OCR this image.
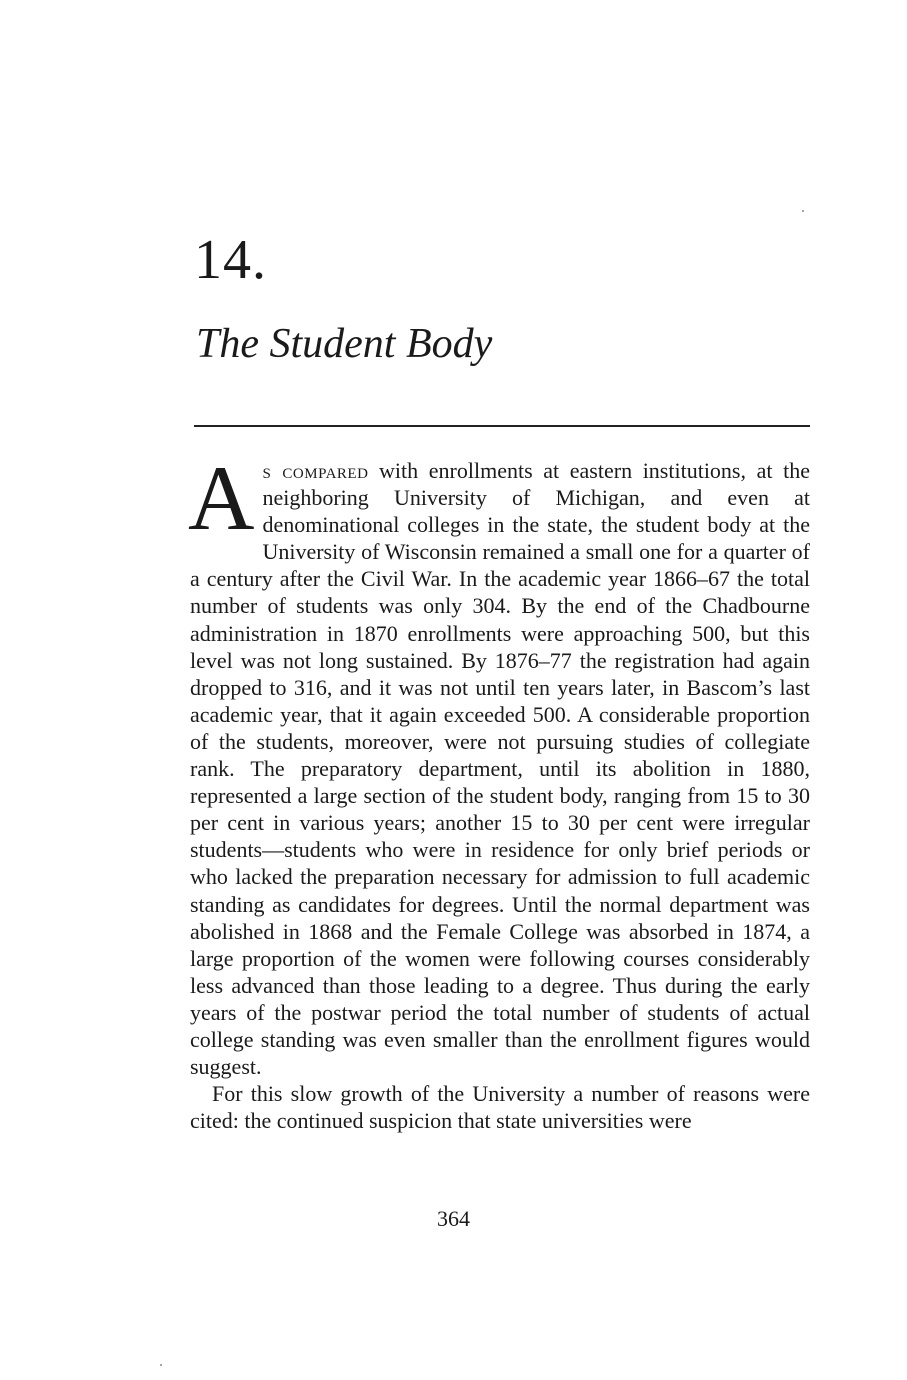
14.
The Student Body

As compared with enrollments at eastern institutions, at the neighboring University of Michigan, and even at denominational colleges in the state, the student body at the University of Wisconsin remained a small one for a quarter of a century after the Civil War. In the academic year 1866–67 the total number of students was only 304. By the end of the Chadbourne administration in 1870 enrollments were approaching 500, but this level was not long sustained. By 1876–77 the registration had again dropped to 316, and it was not until ten years later, in Bascom’s last academic year, that it again exceeded 500. A considerable proportion of the students, moreover, were not pursuing studies of collegiate rank. The preparatory department, until its abolition in 1880, represented a large section of the student body, ranging from 15 to 30 per cent in various years; another 15 to 30 per cent were irregular students—students who were in residence for only brief periods or who lacked the preparation necessary for admission to full academic standing as candidates for degrees. Until the normal department was abolished in 1868 and the Female College was absorbed in 1874, a large proportion of the women were following courses considerably less advanced than those leading to a degree. Thus during the early years of the postwar period the total number of students of actual college standing was even smaller than the enrollment figures would suggest.

For this slow growth of the University a number of reasons were cited: the continued suspicion that state universities were

364
